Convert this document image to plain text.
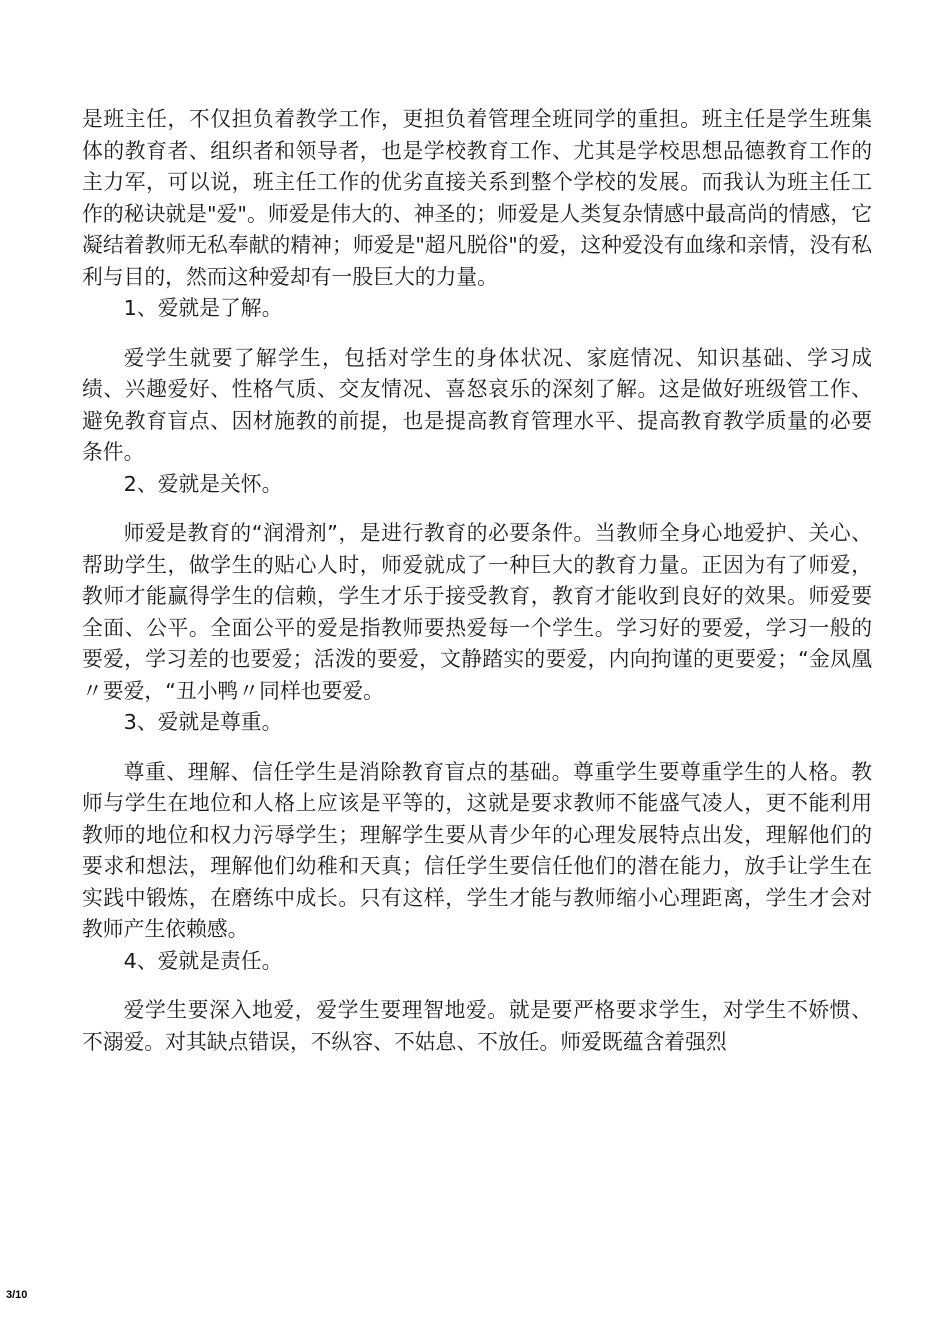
是班主任，不仅担负着教学工作，更担负着管理全班同学的重担。班主任是学生班集体的教育者、组织者和领导者，也是学校教育工作、尤其是学校思想品德教育工作的主力军，可以说，班主任工作的优劣直接关系到整个学校的发展。而我认为班主任工作的秘诀就是"爱"。师爱是伟大的、神圣的；师爱是人类复杂情感中最高尚的情感，它凝结着教师无私奉献的精神；师爱是"超凡脱俗"的爱，这种爱没有血缘和亲情，没有私利与目的，然而这种爱却有一股巨大的力量。

1、爱就是了解。

爱学生就要了解学生，包括对学生的身体状况、家庭情况、知识基础、学习成绩、兴趣爱好、性格气质、交友情况、喜怒哀乐的深刻了解。这是做好班级管工作、避免教育盲点、因材施教的前提，也是提高教育管理水平、提高教育教学质量的必要条件。

2、爱就是关怀。

师爱是教育的“润滑剂”，是进行教育的必要条件。当教师全身心地爱护、关心、帮助学生，做学生的贴心人时，师爱就成了一种巨大的教育力量。正因为有了师爱，教师才能赢得学生的信赖，学生才乐于接受教育，教育才能收到良好的效果。师爱要全面、公平。全面公平的爱是指教师要热爱每一个学生。学习好的要爱，学习一般的要爱，学习差的也要爱；活泼的要爱，文静踏实的要爱，内向拘谨的更要爱；“金凤凰〃要爱，“丑小鸭〃同样也要爱。

3、爱就是尊重。

尊重、理解、信任学生是消除教育盲点的基础。尊重学生要尊重学生的人格。教师与学生在地位和人格上应该是平等的，这就是要求教师不能盛气凌人，更不能利用教师的地位和权力污辱学生；理解学生要从青少年的心理发展特点出发，理解他们的要求和想法，理解他们幼稚和天真；信任学生要信任他们的潜在能力，放手让学生在实践中锻炼，在磨练中成长。只有这样，学生才能与教师缩小心理距离，学生才会对教师产生依赖感。

4、爱就是责任。

爱学生要深入地爱，爱学生要理智地爱。就是要严格要求学生，对学生不娇惯、不溺爱。对其缺点错误，不纵容、不姑息、不放任。师爱既蕴含着强烈

3/10
